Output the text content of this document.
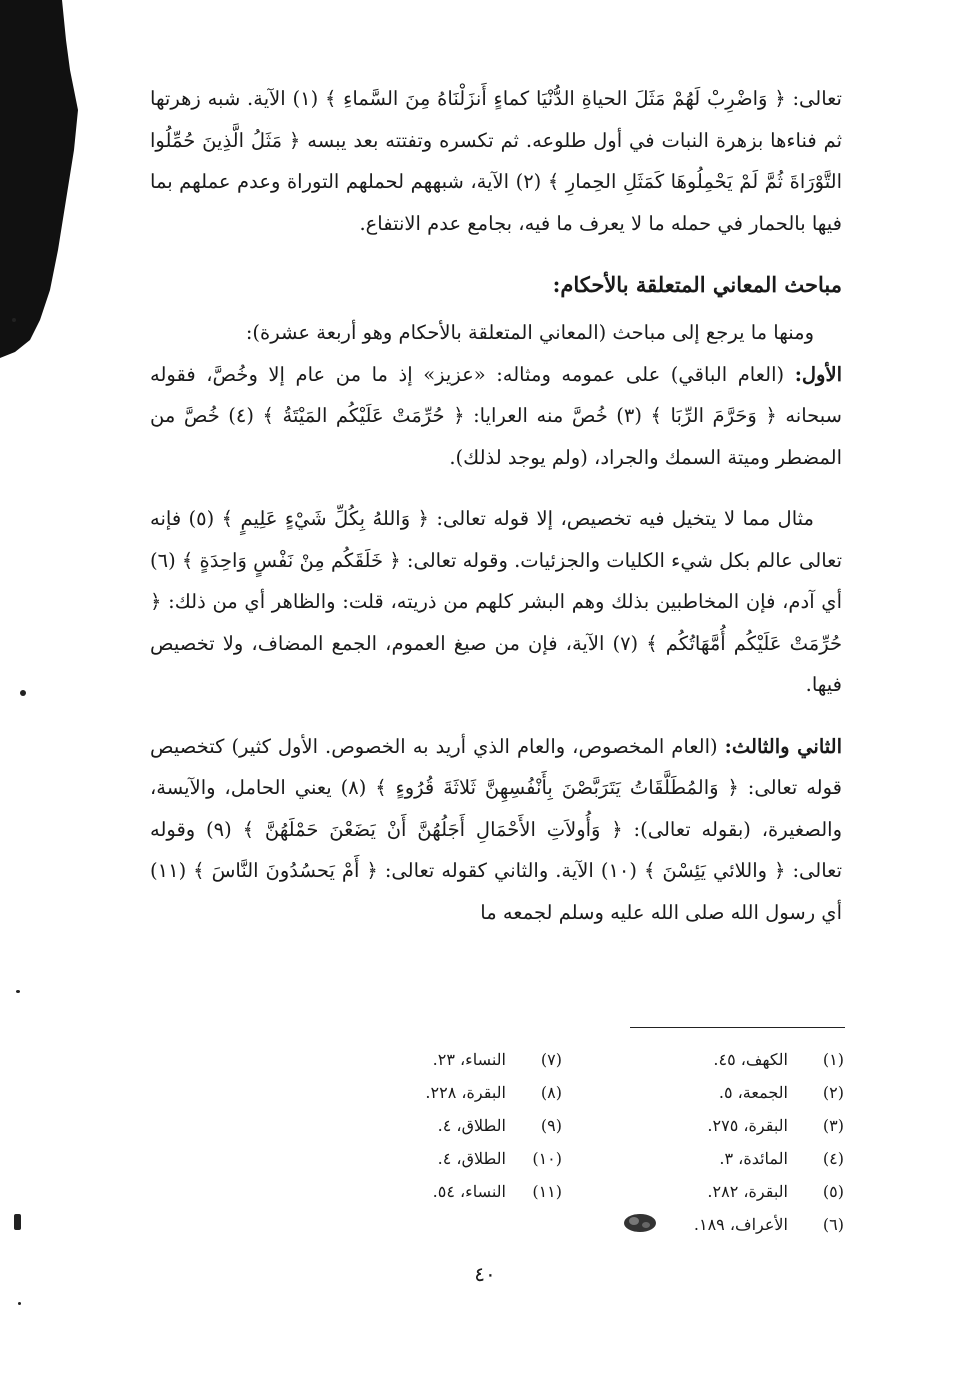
تعالى: ﴿ وَاضْرِبْ لَهُمْ مَثَلَ الحياةِ الدُّنْيَا كماءٍ أَنزَلْنَاهُ مِنَ السَّماءِ ﴾ (١) الآية. شبه زهرتها ثم فناءها بزهرة النبات في أول طلوعه. ثم تكسره وتفتته بعد يبسه ﴿ مَثَلُ الَّذِينَ حُمِّلُوا التَّوْرَاةَ ثُمَّ لَمْ يَحْمِلُوهَا كَمَثَلِ الحِمارِ ﴾ (٢) الآية، شبههم لحملهم التوراة وعدم عملهم بما فيها بالحمار في حمله ما لا يعرف ما فيه، بجامع عدم الانتفاع.

مباحث المعاني المتعلقة بالأحكام:

ومنها ما يرجع إلى مباحث (المعاني المتعلقة بالأحكام وهو أربعة عشرة):

الأول: (العام الباقي) على عمومه ومثاله: «عزيز» إذ ما من عام إلا وخُصَّ، فقوله سبحانه ﴿ وَحَرَّمَ الرِّبَا ﴾ (٣) خُصَّ منه العرايا: ﴿ حُرِّمَتْ عَلَيْكُم المَيْتَةُ ﴾ (٤) خُصَّ من المضطر وميتة السمك والجراد، (ولم يوجد لذلك).

مثال مما لا يتخيل فيه تخصيص، إلا قوله تعالى: ﴿ وَاللهُ بِكُلِّ شَيْءٍ عَلِيمٍ ﴾ (٥) فإنه تعالى عالم بكل شيء الكليات والجزئيات. وقوله تعالى: ﴿ خَلَقَكُم مِنْ نَفْسٍ وَاحِدَةٍ ﴾ (٦) أي آدم، فإن المخاطبين بذلك وهم البشر كلهم من ذريته، قلت: والظاهر أي من ذلك: ﴿ حُرِّمَتْ عَلَيْكُم أُمَّهَاتُكُم ﴾ (٧) الآية، فإن من صيغ العموم، الجمع المضاف، ولا تخصيص فيها.

الثاني والثالث: (العام المخصوص، والعام الذي أريد به الخصوص. الأول كثير) كتخصيص قوله تعالى: ﴿ وَالمُطَلَّقَاتُ يَتَرَبَّصْنَ بِأَنْفُسِهِنَّ ثَلاثَةَ قُرُوءٍ ﴾ (٨) يعني الحامل، والآيسة، والصغيرة، (بقوله تعالى): ﴿ وَأُولاَتِ الأَحْمَالِ أَجَلُهُنَّ أَنْ يَضَعْنَ حَمْلَهُنَّ ﴾ (٩) وقوله تعالى: ﴿ واللائي يَئِسْنَ ﴾ (١٠) الآية. والثاني كقوله تعالى: ﴿ أَمْ يَحسُدُونَ النَّاسَ ﴾ (١١) أي رسول الله صلى الله عليه وسلم لجمعه ما

(١)الكهف، ٤٥.
(٢)الجمعة، ٥.
(٣)البقرة، ٢٧٥.
(٤)المائدة، ٣.
(٥)البقرة، ٢٨٢.
(٦)الأعراف، ١٨٩.
(٧)النساء، ٢٣.
(٨)البقرة، ٢٢٨.
(٩)الطلاق، ٤.
(١٠)الطلاق، ٤.
(١١)النساء، ٥٤.
٤٠
